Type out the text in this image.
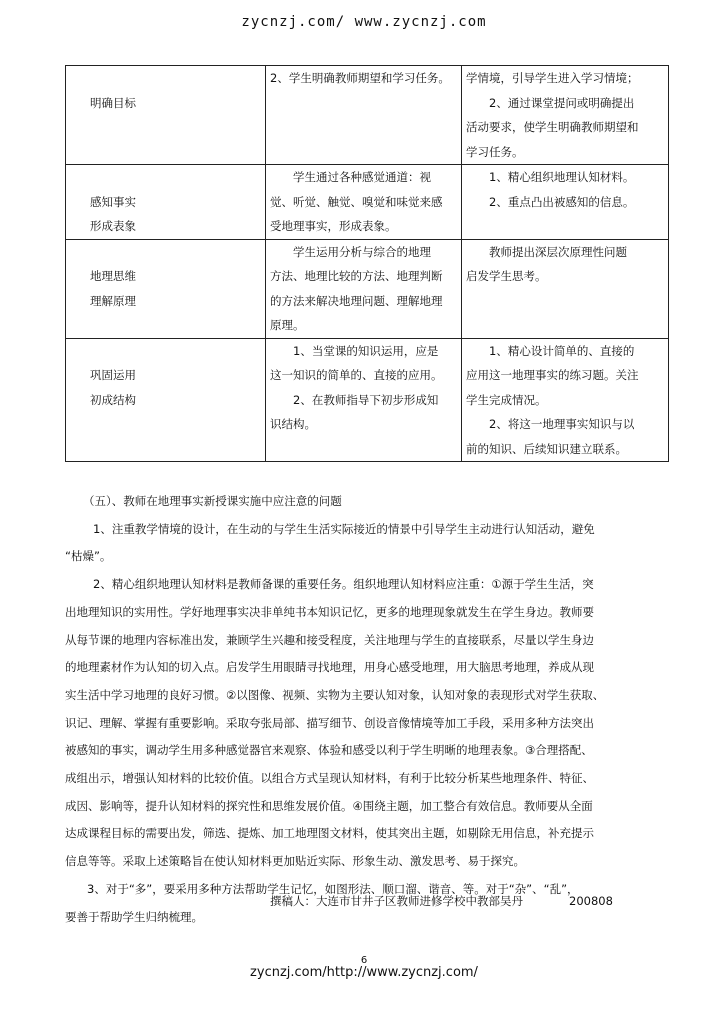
zycnzj.com/ www.zycnzj.com
明确目标	2、学生明确教师期望和学习任务。	学情境，引导学生进入学习情境；
2、通过课堂提问或明确提出
活动要求，使学生明确教师期望和
学习任务。

感知事实
形成表象	学生通过各种感觉通道：视
觉、听觉、触觉、嗅觉和味觉来感
受地理事实，形成表象。	1、精心组织地理认知材料。
2、重点凸出被感知的信息。

地理思维
理解原理	学生运用分析与综合的地理
方法、地理比较的方法、地理判断
的方法来解决地理问题、理解地理
原理。	教师提出深层次原理性问题
启发学生思考。

巩固运用
初成结构	1、当堂课的知识运用，应是
这一知识的简单的、直接的应用。
2、在教师指导下初步形成知
识结构。	1、精心设计简单的、直接的
应用这一地理事实的练习题。关注
学生完成情况。
2、将这一地理事实知识与以
前的知识、后续知识建立联系。
（五）、教师在地理事实新授课实施中应注意的问题
1、注重教学情境的设计，在生动的与学生生活实际接近的情景中引导学生主动进行认知活动，避免
“枯燥”。
2、精心组织地理认知材料是教师备课的重要任务。组织地理认知材料应注重：①源于学生生活，突
出地理知识的实用性。学好地理事实决非单纯书本知识记忆，更多的地理现象就发生在学生身边。教师要
从每节课的地理内容标准出发，兼顾学生兴趣和接受程度，关注地理与学生的直接联系，尽量以学生身边
的地理素材作为认知的切入点。启发学生用眼睛寻找地理，用身心感受地理，用大脑思考地理，养成从现
实生活中学习地理的良好习惯。②以图像、视频、实物为主要认知对象，认知对象的表现形式对学生获取、
识记、理解、掌握有重要影响。采取夸张局部、描写细节、创设音像情境等加工手段，采用多种方法突出
被感知的事实，调动学生用多种感觉器官来观察、体验和感受以利于学生明晰的地理表象。③合理搭配、
成组出示，增强认知材料的比较价值。以组合方式呈现认知材料，有利于比较分析某些地理条件、特征、
成因、影响等，提升认知材料的探究性和思维发展价值。④围绕主题，加工整合有效信息。教师要从全面
达成课程目标的需要出发，筛选、提炼、加工地理图文材料，使其突出主题，如剔除无用信息，补充提示
信息等等。采取上述策略旨在使认知材料更加贴近实际、形象生动、激发思考、易于探究。
3、对于“多”，要采用多种方法帮助学生记忆，如图形法、顺口溜、谐音、等。对于“杂”、“乱”，
要善于帮助学生归纳梳理。
撰稿人：大连市甘井子区教师进修学校中教部吴丹	200808
6
zycnzj.com/http://www.zycnzj.com/
